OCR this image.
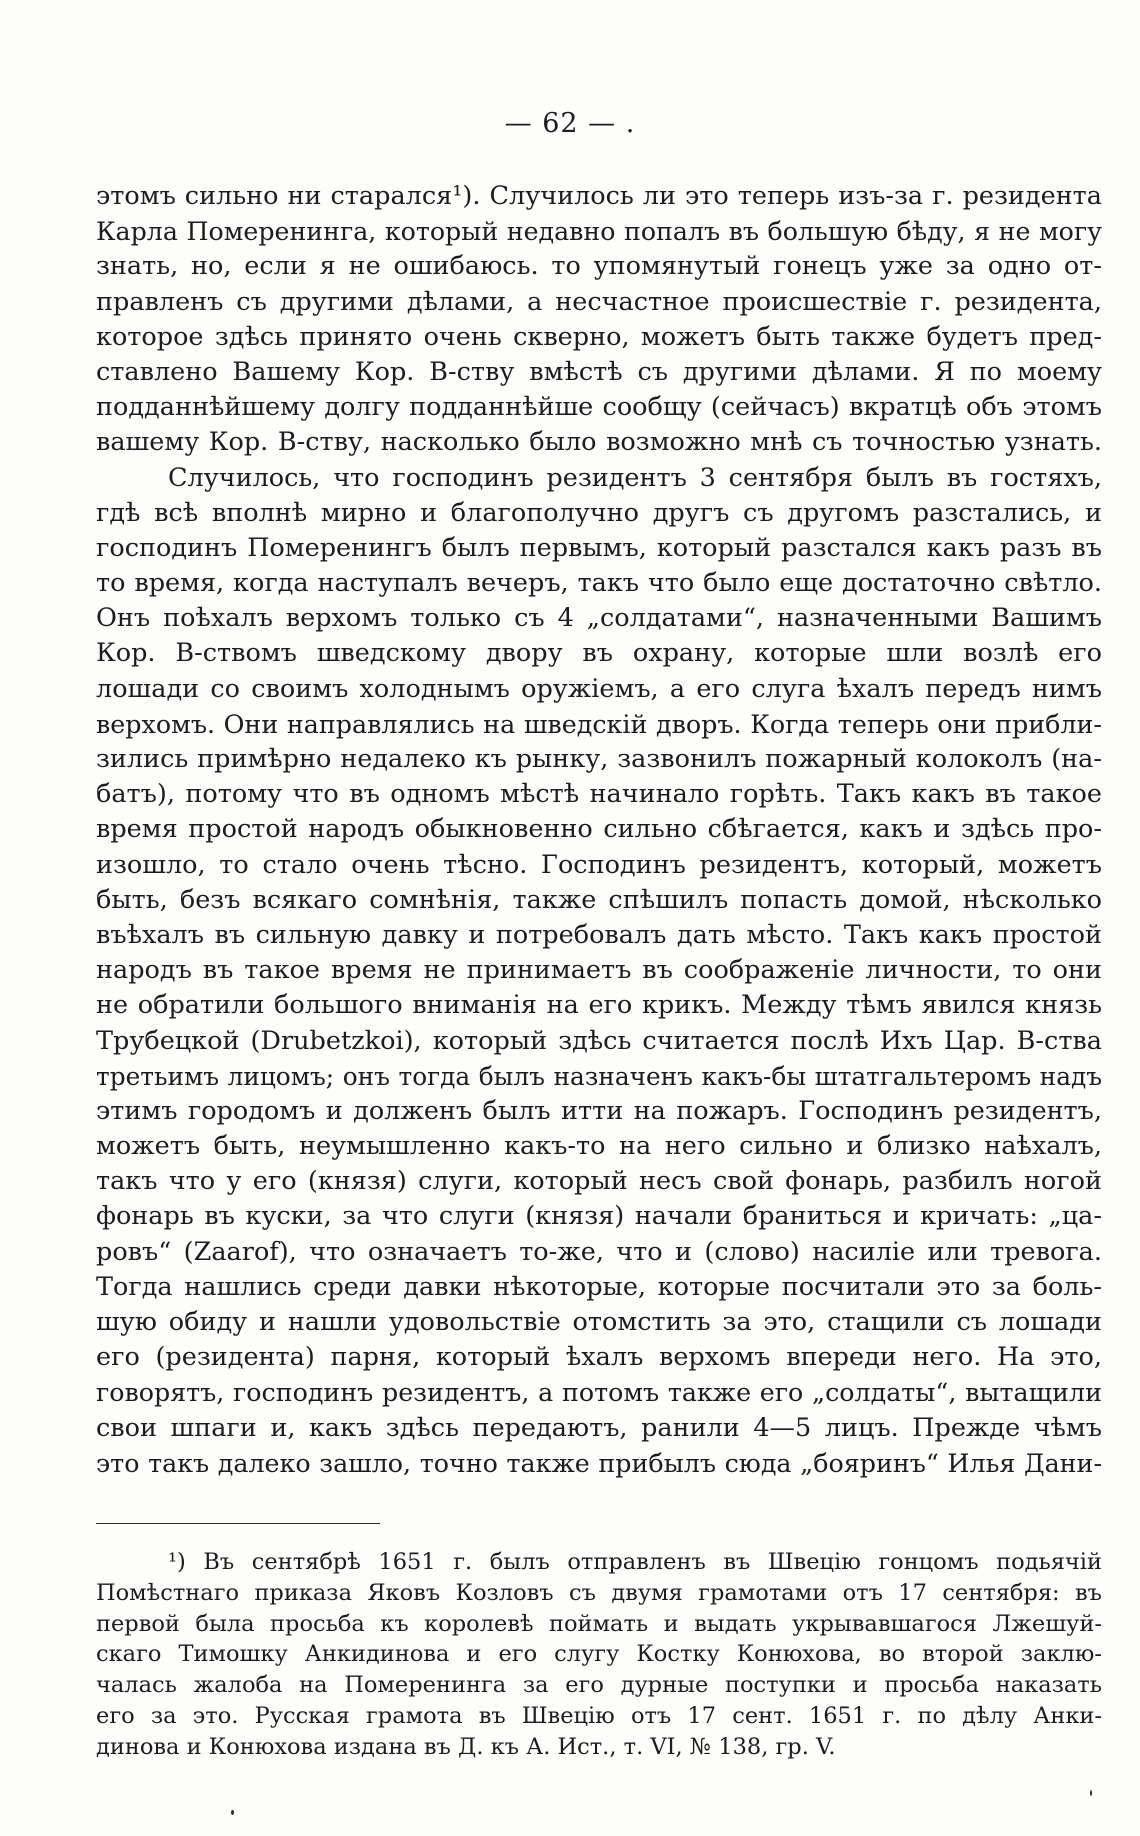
— 62 — .
этомъ сильно ни старался¹). Случилось ли это теперь изъ-за г. резидента
Карла Померенинга, который недавно попалъ въ большую бѣду, я не могу
знать, но, если я не ошибаюсь. то упомянутый гонецъ уже за одно от-
правленъ съ другими дѣлами, а несчастное происшествіе г. резидента,
которое здѣсь принято очень скверно, можетъ быть также будетъ пред-
ставлено Вашему Кор. В-ству вмѣстѣ съ другими дѣлами. Я по моему
подданнѣйшему долгу подданнѣйше сообщу (сейчасъ) вкратцѣ объ этомъ
вашему Кор. В-ству, насколько было возможно мнѣ съ точностью узнать.
Случилось, что господинъ резидентъ 3 сентября былъ въ гостяхъ,
гдѣ всѣ вполнѣ мирно и благополучно другъ съ другомъ разстались, и
господинъ Померенингъ былъ первымъ, который разстался какъ разъ въ
то время, когда наступалъ вечеръ, такъ что было еще достаточно свѣтло.
Онъ поѣхалъ верхомъ только съ 4 „солдатами“, назначенными Вашимъ
Кор. В-ствомъ шведскому двору въ охрану, которые шли возлѣ его
лошади со своимъ холоднымъ оружіемъ, а его слуга ѣхалъ передъ нимъ
верхомъ. Они направлялись на шведскій дворъ. Когда теперь они прибли-
зились примѣрно недалеко къ рынку, зазвонилъ пожарный колоколъ (на-
батъ), потому что въ одномъ мѣстѣ начинало горѣть. Такъ какъ въ такое
время простой народъ обыкновенно сильно сбѣгается, какъ и здѣсь про-
изошло, то стало очень тѣсно. Господинъ резидентъ, который, можетъ
быть, безъ всякаго сомнѣнія, также спѣшилъ попасть домой, нѣсколько
въѣхалъ въ сильную давку и потребовалъ дать мѣсто. Такъ какъ простой
народъ въ такое время не принимаетъ въ соображеніе личности, то они
не обратили большого вниманія на его крикъ. Между тѣмъ явился князь
Трубецкой (Drubetzkoi), который здѣсь считается послѣ Ихъ Цар. В-ства
третьимъ лицомъ; онъ тогда былъ назначенъ какъ-бы штатгальтеромъ надъ
этимъ городомъ и долженъ былъ итти на пожаръ. Господинъ резидентъ,
можетъ быть, неумышленно какъ-то на него сильно и близко наѣхалъ,
такъ что у его (князя) слуги, который несъ свой фонарь, разбилъ ногой
фонарь въ куски, за что слуги (князя) начали браниться и кричать: „ца-
ровъ“ (Zaarof), что означаетъ то-же, что и (слово) насиліе или тревога.
Тогда нашлись среди давки нѣкоторые, которые посчитали это за боль-
шую обиду и нашли удовольствіе отомстить за это, стащили съ лошади
его (резидента) парня, который ѣхалъ верхомъ впереди него. На это,
говорятъ, господинъ резидентъ, а потомъ также его „солдаты“, вытащили
свои шпаги и, какъ здѣсь передаютъ, ранили 4—5 лицъ. Прежде чѣмъ
это такъ далеко зашло, точно также прибылъ сюда „бояринъ“ Илья Дани-
¹) Въ сентябрѣ 1651 г. былъ отправленъ въ Швецію гонцомъ подьячій
Помѣстнаго приказа Яковъ Козловъ съ двумя грамотами отъ 17 сентября: въ
первой была просьба къ королевѣ поймать и выдать укрывавшагося Лжешуй-
скаго Тимошку Анкидинова и его слугу Костку Конюхова, во второй заклю-
чалась жалоба на Померенинга за его дурные поступки и просьба наказать
его за это. Русская грамота въ Швецію отъ 17 сент. 1651 г. по дѣлу Анки-
динова и Конюхова издана въ Д. къ А. Ист., т. VI, № 138, гр. V.
